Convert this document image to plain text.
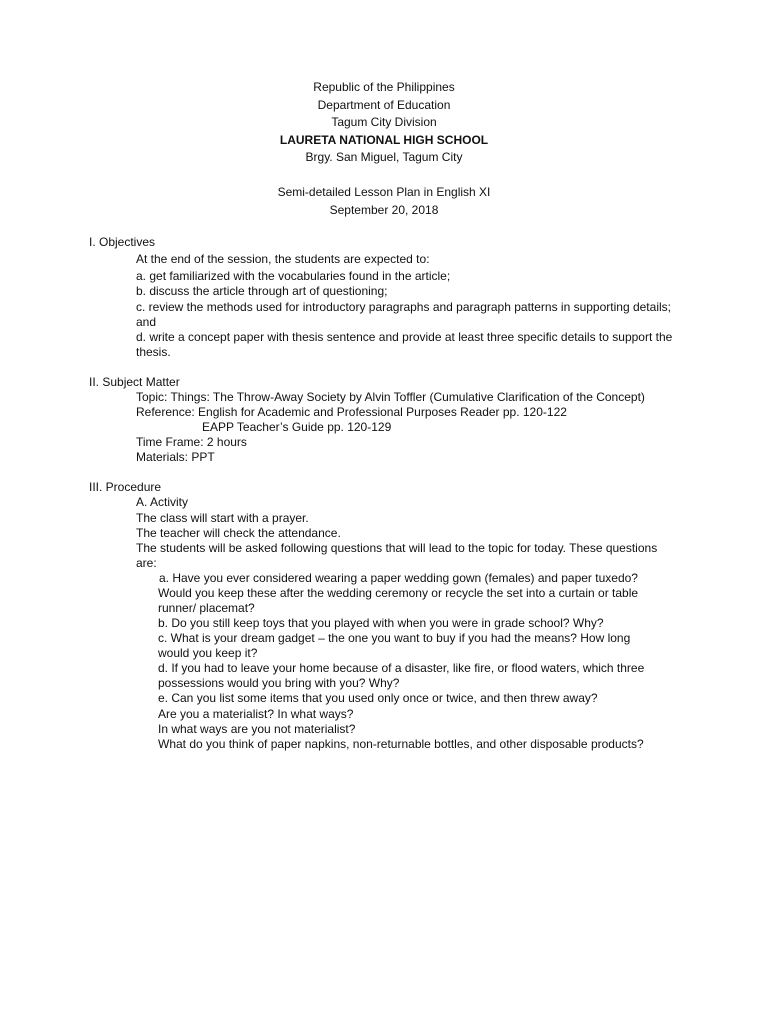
Republic of the Philippines
Department of Education
Tagum City Division
LAURETA NATIONAL HIGH SCHOOL
Brgy. San Miguel, Tagum City
Semi-detailed Lesson Plan in English XI
September 20, 2018
I. Objectives
At the end of the session, the students are expected to:
a. get familiarized with the vocabularies found in the article;
b. discuss the article through art of questioning;
c. review the methods used for introductory paragraphs and paragraph patterns in supporting details; and
d. write a concept paper with thesis sentence and provide at least three specific details to support the thesis.
II. Subject Matter
Topic: Things: The Throw-Away Society by Alvin Toffler (Cumulative Clarification of the Concept)
Reference: English for Academic and Professional Purposes Reader pp. 120-122
EAPP Teacher’s Guide pp. 120-129
Time Frame: 2 hours
Materials: PPT
III. Procedure
A. Activity
The class will start with a prayer.
The teacher will check the attendance.
The students will be asked following questions that will lead to the topic for today. These questions are:
a. Have you ever considered wearing a paper wedding gown (females) and paper tuxedo? Would you keep these after the wedding ceremony or recycle the set into a curtain or table runner/ placemat?
b. Do you still keep toys that you played with when you were in grade school? Why?
c. What is your dream gadget – the one you want to buy if you had the means? How long would you keep it?
d. If you had to leave your home because of a disaster, like fire, or flood waters, which three possessions would you bring with you? Why?
e. Can you list some items that you used only once or twice, and then threw away?
Are you a materialist? In what ways?
In what ways are you not materialist?
What do you think of paper napkins, non-returnable bottles, and other disposable products?
